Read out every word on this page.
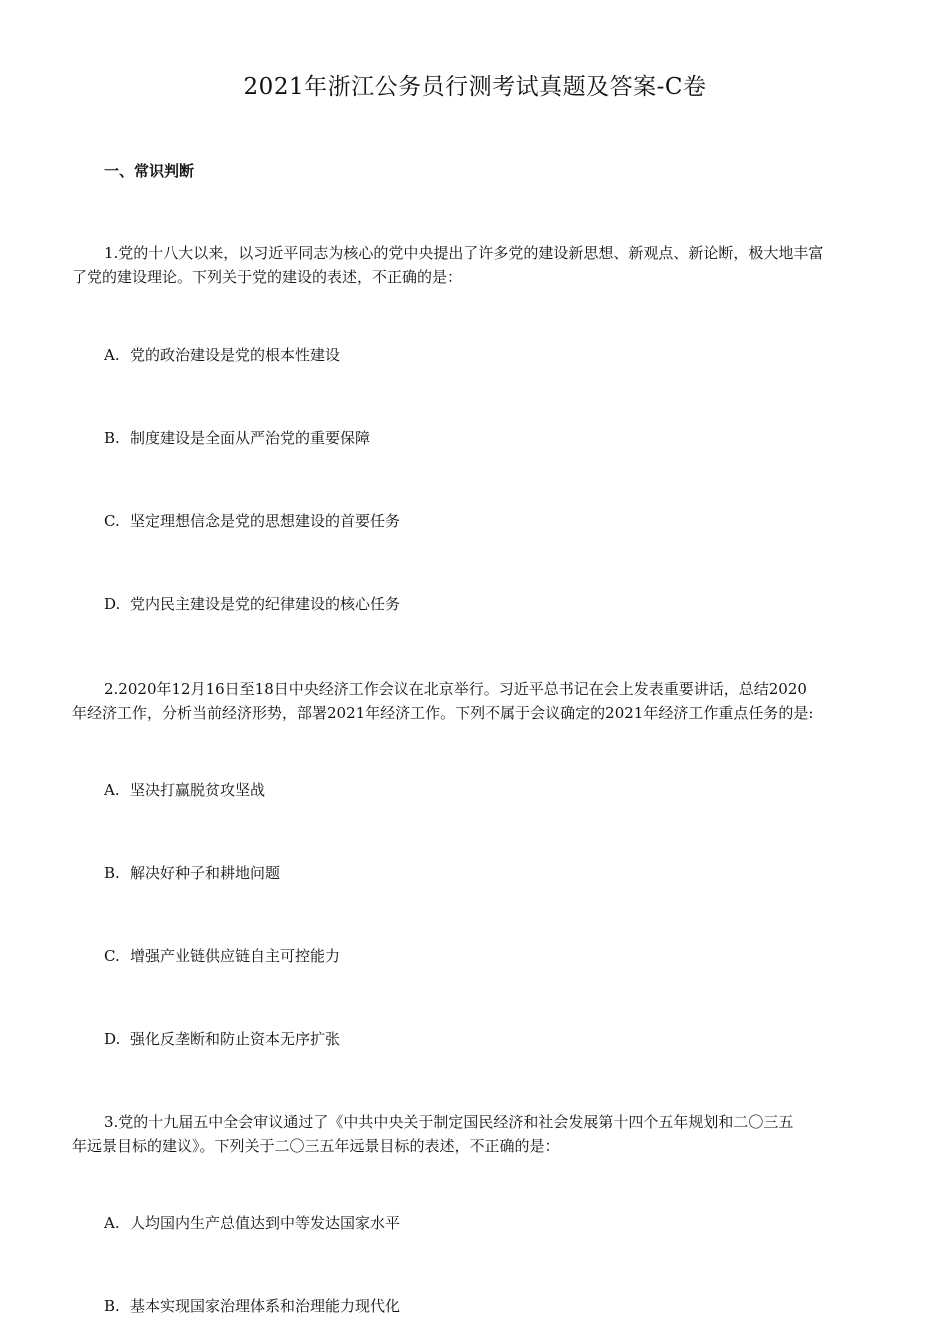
2021年浙江公务员行测考试真题及答案-C卷
一、常识判断
1.党的十八大以来，以习近平同志为核心的党中央提出了许多党的建设新思想、新观点、新论断，极大地丰富
了党的建设理论。下列关于党的建设的表述，不正确的是：
A. 党的政治建设是党的根本性建设
B. 制度建设是全面从严治党的重要保障
C. 坚定理想信念是党的思想建设的首要任务
D. 党内民主建设是党的纪律建设的核心任务
2.2020年12月16日至18日中央经济工作会议在北京举行。习近平总书记在会上发表重要讲话，总结2020
年经济工作，分析当前经济形势，部署2021年经济工作。下列不属于会议确定的2021年经济工作重点任务的是:
A. 坚决打赢脱贫攻坚战
B. 解决好种子和耕地问题
C. 增强产业链供应链自主可控能力
D. 强化反垄断和防止资本无序扩张
3.党的十九届五中全会审议通过了《中共中央关于制定国民经济和社会发展第十四个五年规划和二〇三五
年远景目标的建议》。下列关于二〇三五年远景目标的表述，不正确的是：
A. 人均国内生产总值达到中等发达国家水平
B. 基本实现国家治理体系和治理能力现代化
